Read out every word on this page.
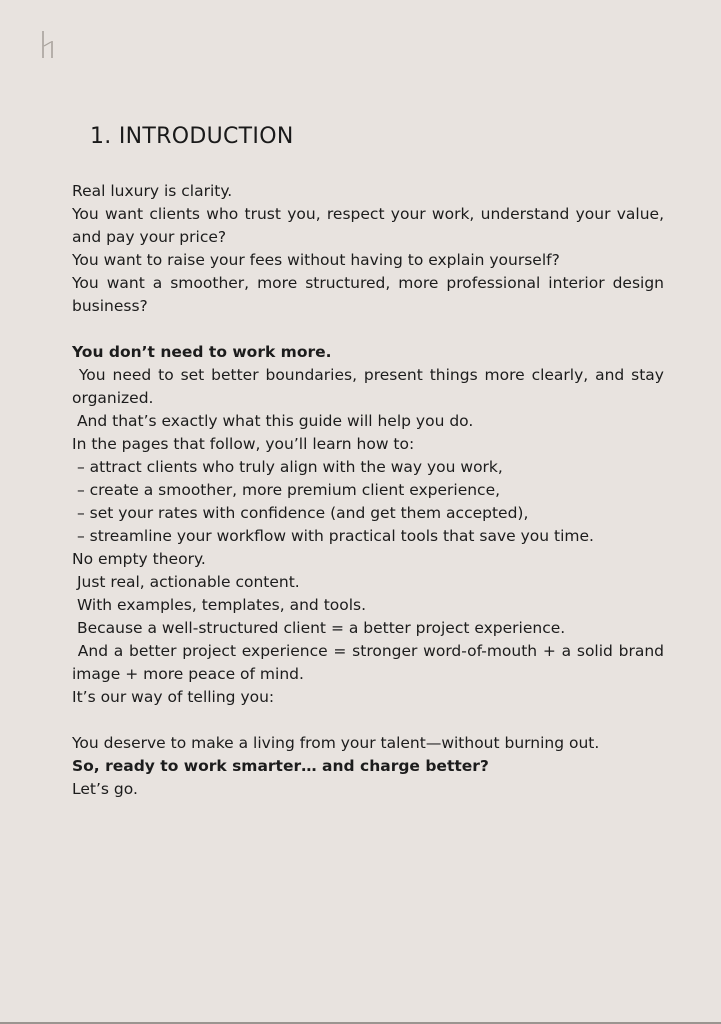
1. INTRODUCTION

Real luxury is clarity.

You want clients who trust you, respect your work, understand your value, and pay your price?

You want to raise your fees without having to explain yourself?

You want a smoother, more structured, more professional interior design business?

You don’t need to work more.

You need to set better boundaries, present things more clearly, and stay organized.

And that’s exactly what this guide will help you do.

In the pages that follow, you’ll learn how to:

– attract clients who truly align with the way you work,

– create a smoother, more premium client experience,

– set your rates with confidence (and get them accepted),

– streamline your workflow with practical tools that save you time.

No empty theory.

Just real, actionable content.

With examples, templates, and tools.

Because a well-structured client = a better project experience.

And a better project experience = stronger word-of-mouth + a solid brand image + more peace of mind.

It’s our way of telling you:

You deserve to make a living from your talent—without burning out.

So, ready to work smarter… and charge better?

Let’s go.
